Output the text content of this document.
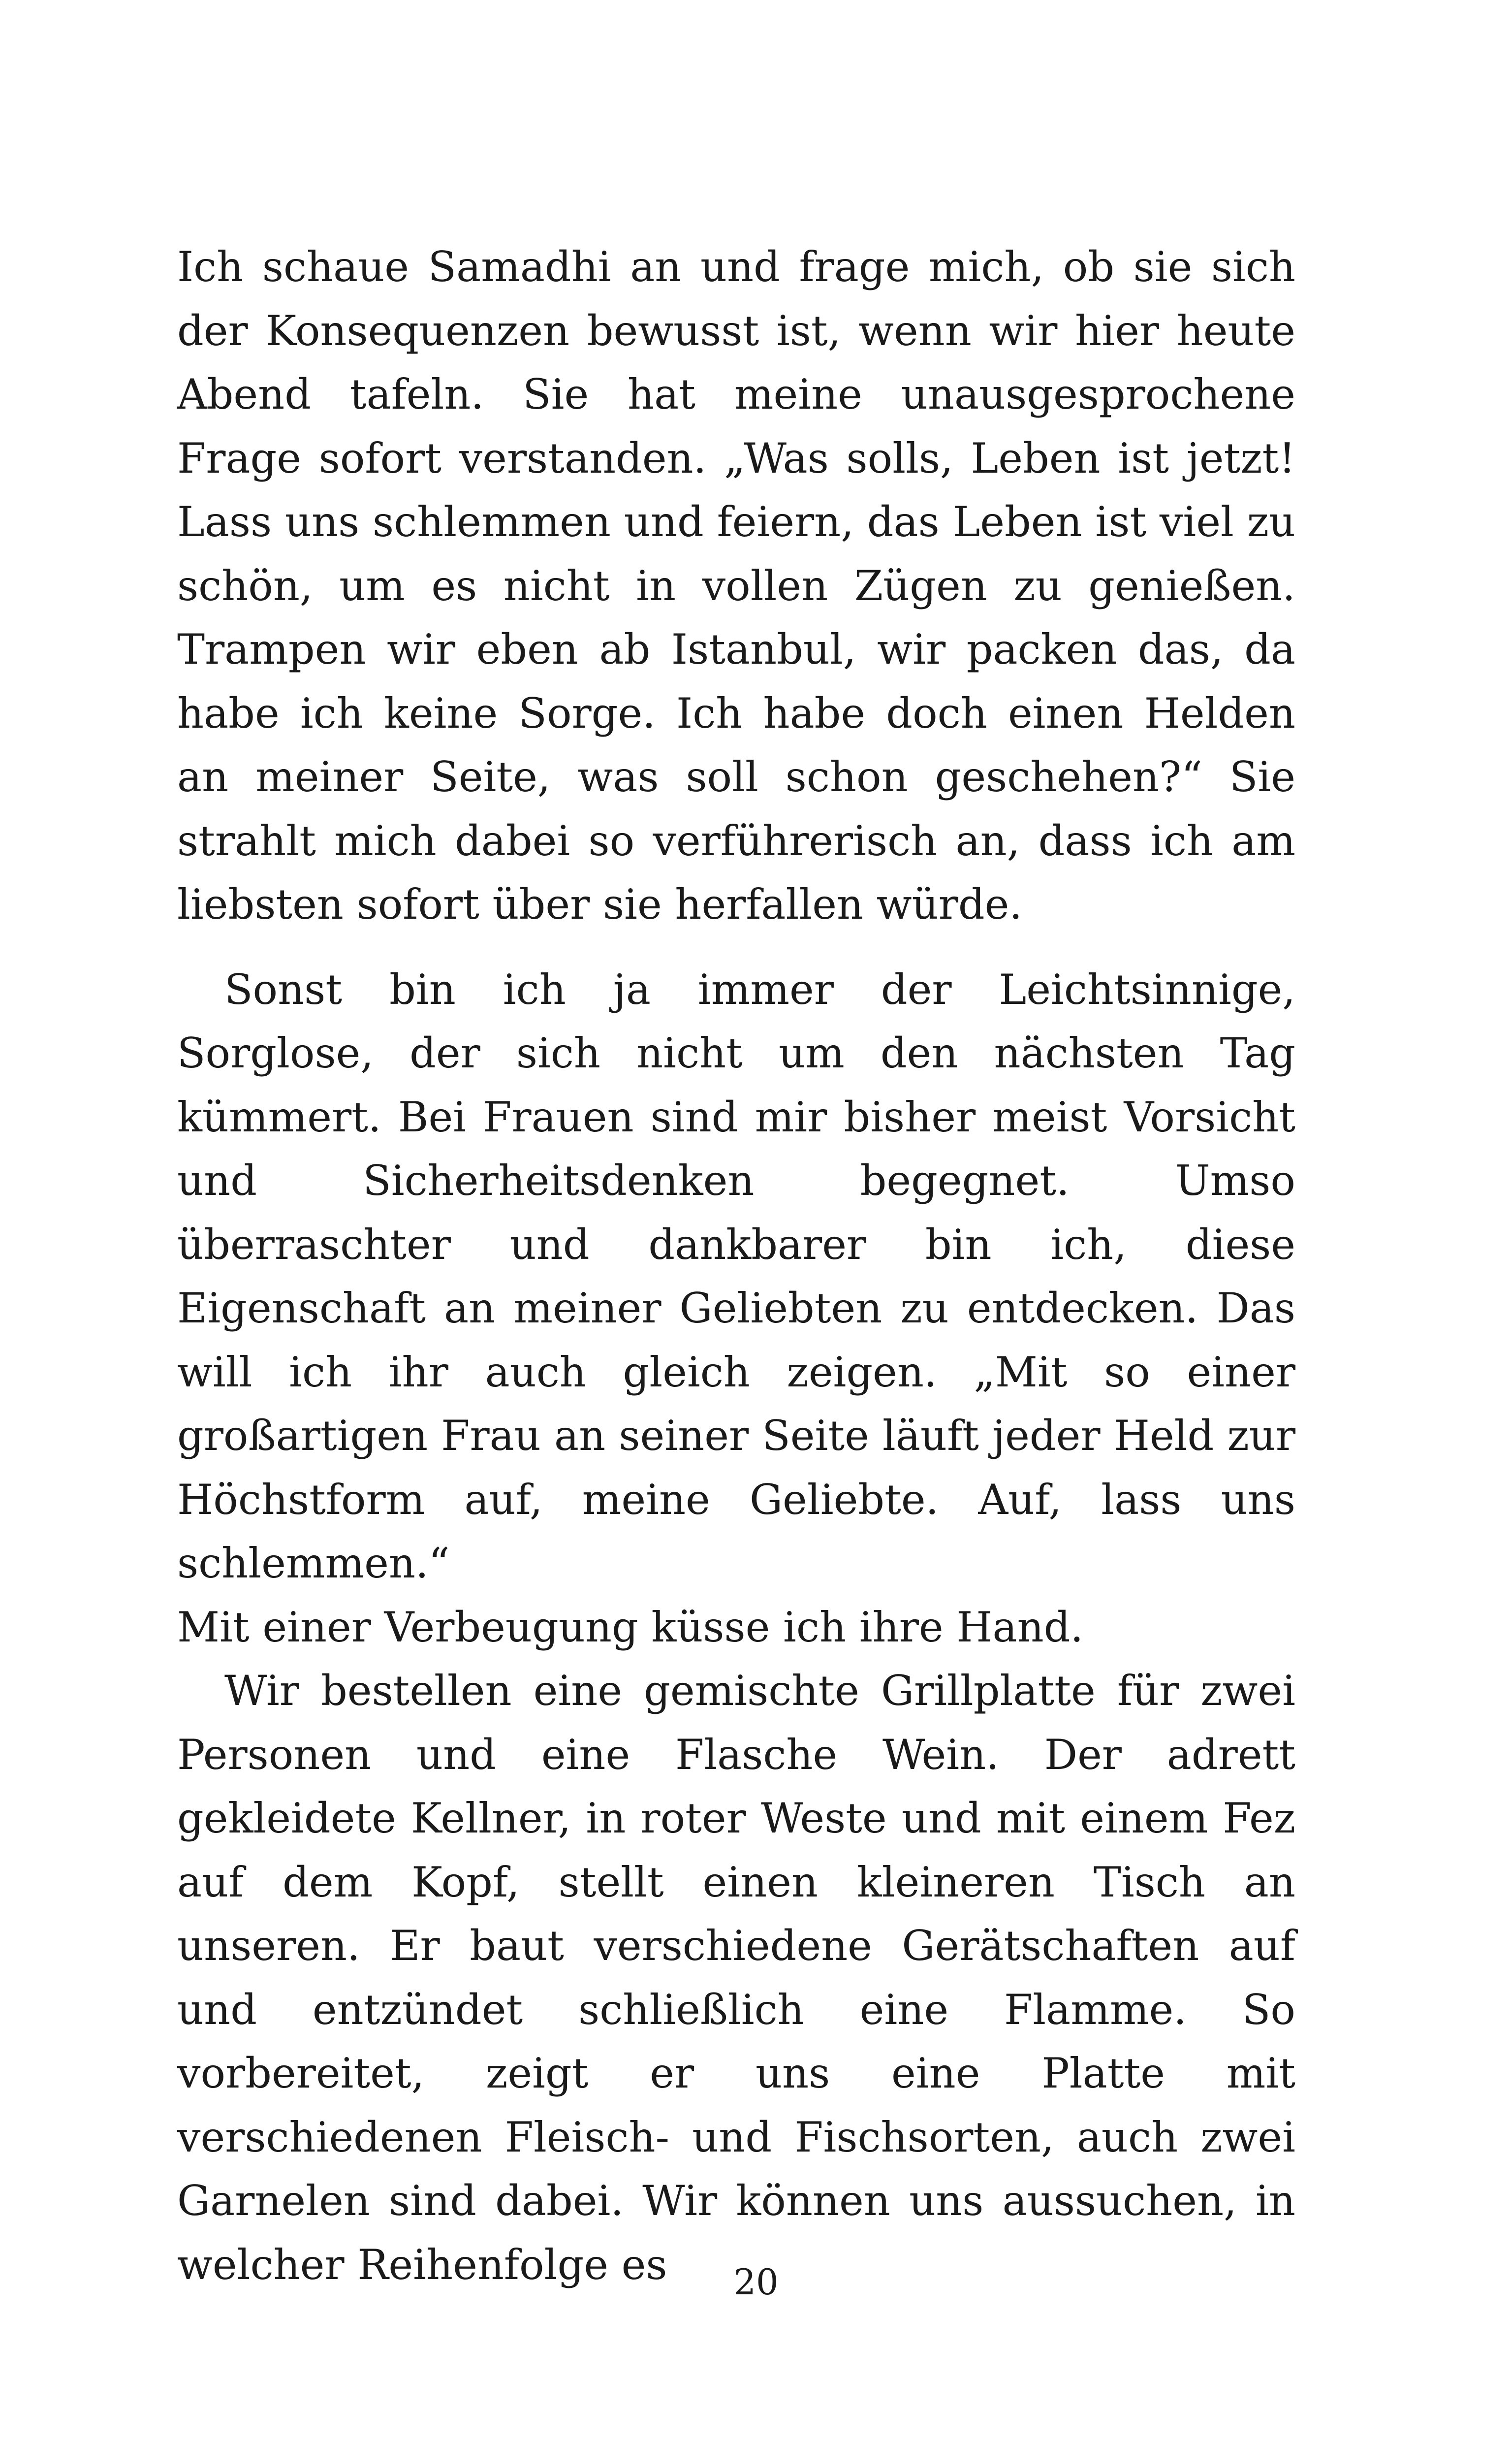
Ich schaue Samadhi an und frage mich, ob sie sich der Konsequenzen bewusst ist, wenn wir hier heute Abend tafeln. Sie hat meine unausgesprochene Frage sofort verstanden. „Was solls, Leben ist jetzt! Lass uns schlemmen und feiern, das Leben ist viel zu schön, um es nicht in vollen Zügen zu genießen. Trampen wir eben ab Istanbul, wir packen das, da habe ich keine Sorge. Ich habe doch einen Helden an meiner Seite, was soll schon geschehen?“ Sie strahlt mich dabei so verführerisch an, dass ich am liebsten sofort über sie herfallen würde.

Sonst bin ich ja immer der Leichtsinnige, Sorglose, der sich nicht um den nächsten Tag kümmert. Bei Frauen sind mir bisher meist Vorsicht und Sicherheitsdenken begegnet. Umso überraschter und dankbarer bin ich, diese Eigenschaft an meiner Geliebten zu entdecken. Das will ich ihr auch gleich zeigen. „Mit so einer großartigen Frau an seiner Seite läuft jeder Held zur Höchstform auf, meine Geliebte. Auf, lass uns schlemmen.“

Mit einer Verbeugung küsse ich ihre Hand.

Wir bestellen eine gemischte Grillplatte für zwei Personen und eine Flasche Wein. Der adrett gekleidete Kellner, in roter Weste und mit einem Fez auf dem Kopf, stellt einen kleineren Tisch an unseren. Er baut verschiedene Gerätschaften auf und entzündet schließlich eine Flamme. So vorbereitet, zeigt er uns eine Platte mit verschiedenen Fleisch- und Fischsorten, auch zwei Garnelen sind dabei. Wir können uns aussuchen, in welcher Reihenfolge es	20
